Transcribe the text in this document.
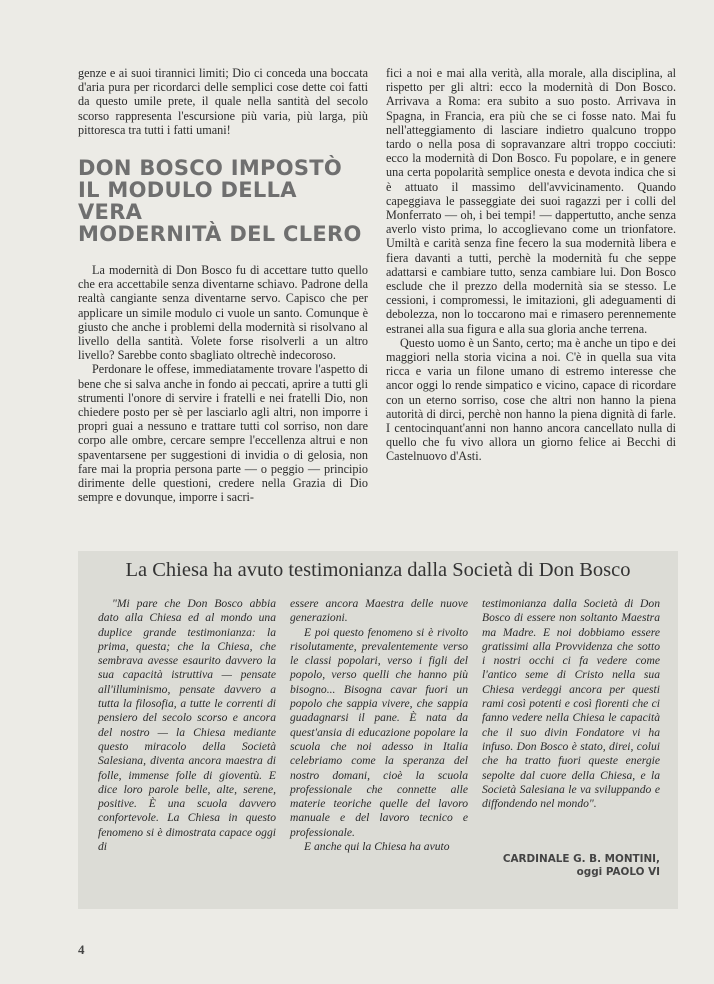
genze e ai suoi tirannici limiti; Dio ci conceda una boccata d'aria pura per ricordarci delle semplici cose dette coi fatti da questo umile prete, il quale nella santità del secolo scorso rappresenta l'escursione più varia, più larga, più pittoresca tra tutti i fatti umani!

DON BOSCO IMPOSTÒ
IL MODULO DELLA VERA
MODERNITÀ DEL CLERO

La modernità di Don Bosco fu di accettare tutto quello che era accettabile senza diventarne schiavo. Padrone della realtà cangiante senza diventarne servo. Capisco che per applicare un simile modulo ci vuole un santo. Comunque è giusto che anche i problemi della modernità si risolvano al livello della santità. Volete forse risolverli a un altro livello? Sarebbe conto sbagliato oltrechè indecoroso.

Perdonare le offese, immediatamente trovare l'aspetto di bene che si salva anche in fondo ai peccati, aprire a tutti gli strumenti l'onore di servire i fratelli e nei fratelli Dio, non chiedere posto per sè per lasciarlo agli altri, non imporre i propri guai a nessuno e trattare tutti col sorriso, non dare corpo alle ombre, cercare sempre l'eccellenza altrui e non spaventarsene per suggestioni di invidia o di gelosia, non fare mai la propria persona parte — o peggio — principio dirimente delle questioni, credere nella Grazia di Dio sempre e dovunque, imporre i sacri-

fici a noi e mai alla verità, alla morale, alla disciplina, al rispetto per gli altri: ecco la modernità di Don Bosco. Arrivava a Roma: era subito a suo posto. Arrivava in Spagna, in Francia, era più che se ci fosse nato. Mai fu nell'atteggiamento di lasciare indietro qualcuno troppo tardo o nella posa di sopravanzare altri troppo cocciuti: ecco la modernità di Don Bosco. Fu popolare, e in genere una certa popolarità semplice onesta e devota indica che si è attuato il massimo dell'avvicinamento. Quando capeggiava le passeggiate dei suoi ragazzi per i colli del Monferrato — oh, i bei tempi! — dappertutto, anche senza averlo visto prima, lo accoglievano come un trionfatore. Umiltà e carità senza fine fecero la sua modernità libera e fiera davanti a tutti, perchè la modernità fu che seppe adattarsi e cambiare tutto, senza cambiare lui. Don Bosco esclude che il prezzo della modernità sia se stesso. Le cessioni, i compromessi, le imitazioni, gli adeguamenti di debolezza, non lo toccarono mai e rimasero perennemente estranei alla sua figura e alla sua gloria anche terrena.

Questo uomo è un Santo, certo; ma è anche un tipo e dei maggiori nella storia vicina a noi. C'è in quella sua vita ricca e varia un filone umano di estremo interesse che ancor oggi lo rende simpatico e vicino, capace di ricordare con un eterno sorriso, cose che altri non hanno la piena autorità di dirci, perchè non hanno la piena dignità di farle. I centocinquant'anni non hanno ancora cancellato nulla di quello che fu vivo allora un giorno felice ai Becchi di Castelnuovo d'Asti.

La Chiesa ha avuto testimonianza dalla Società di Don Bosco

"Mi pare che Don Bosco abbia dato alla Chiesa ed al mondo una duplice grande testimonianza: la prima, questa; che la Chiesa, che sembrava avesse esaurito davvero la sua capacità istruttiva — pensate all'illuminismo, pensate davvero a tutta la filosofia, a tutte le correnti di pensiero del secolo scorso e ancora del nostro — la Chiesa mediante questo miracolo della Società Salesiana, diventa ancora maestra di folle, immense folle di gioventù. E dice loro parole belle, alte, serene, positive. È una scuola davvero confortevole. La Chiesa in questo fenomeno si è dimostrata capace oggi di

essere ancora Maestra delle nuove generazioni.

E poi questo fenomeno si è rivolto risolutamente, prevalentemente verso le classi popolari, verso i figli del popolo, verso quelli che hanno più bisogno... Bisogna cavar fuori un popolo che sappia vivere, che sappia guadagnarsi il pane. È nata da quest'ansia di educazione popolare la scuola che noi adesso in Italia celebriamo come la speranza del nostro domani, cioè la scuola professionale che connette alle materie teoriche quelle del lavoro manuale e del lavoro tecnico e professionale.

E anche qui la Chiesa ha avuto

testimonianza dalla Società di Don Bosco di essere non soltanto Maestra ma Madre. E noi dobbiamo essere gratissimi alla Provvidenza che sotto i nostri occhi ci fa vedere come l'antico seme di Cristo nella sua Chiesa verdeggi ancora per questi rami così potenti e così fiorenti che ci fanno vedere nella Chiesa le capacità che il suo divin Fondatore vi ha infuso. Don Bosco è stato, direi, colui che ha tratto fuori queste energie sepolte dal cuore della Chiesa, e la Società Salesiana le va sviluppando e diffondendo nel mondo".

CARDINALE G. B. MONTINI,
oggi PAOLO VI
4
